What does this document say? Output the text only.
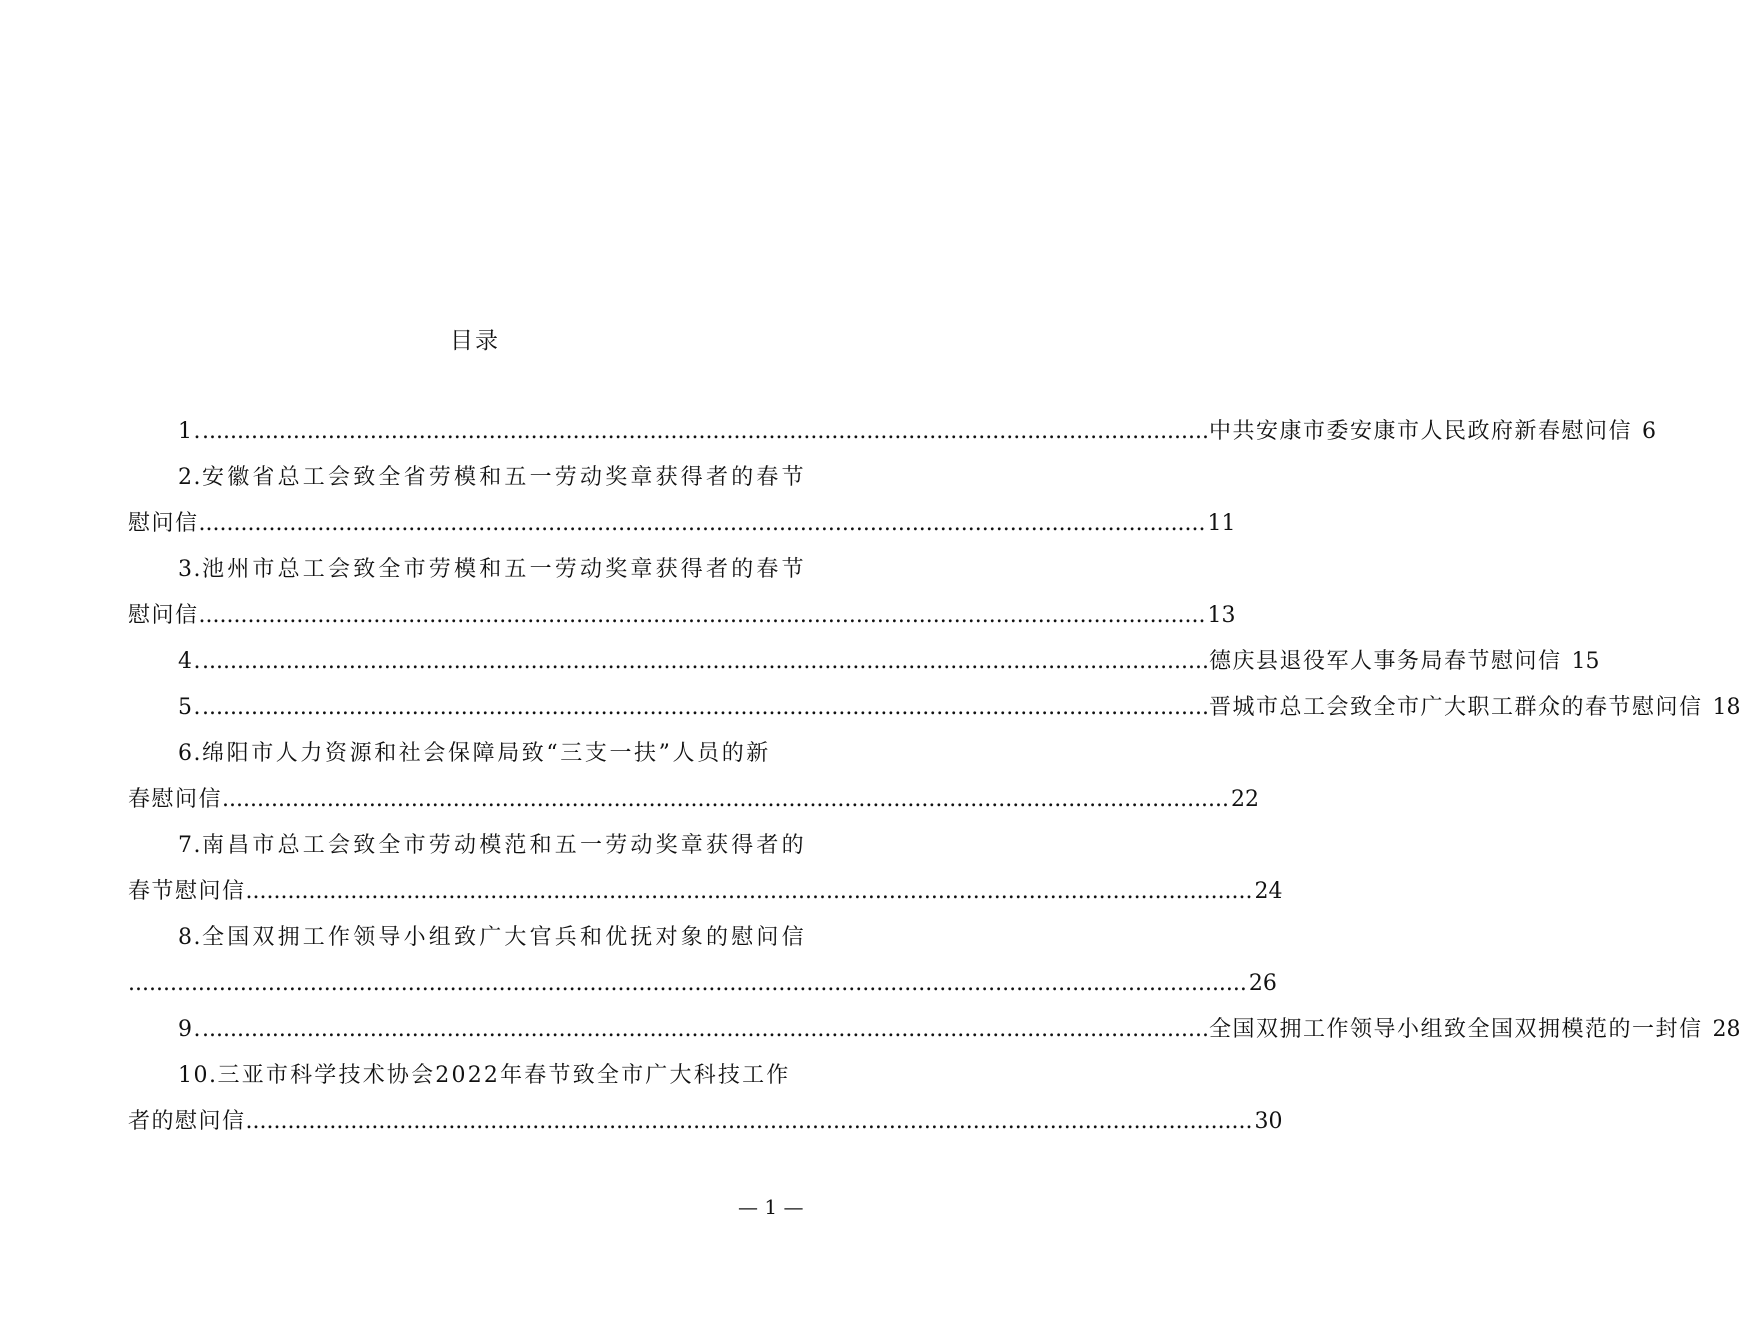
目录
1. ................................................................................................................................................ 中共安康市委安康市人民政府新春慰问信 6
2. 安徽省总工会致全省劳模和五一劳动奖章获得者的春节
慰问信 ................................................................................................................................................ 11
3. 池州市总工会致全市劳模和五一劳动奖章获得者的春节
慰问信 ................................................................................................................................................ 13
4. ................................................................................................................................................ 德庆县退役军人事务局春节慰问信 15
5. ................................................................................................................................................ 晋城市总工会致全市广大职工群众的春节慰问信 18
6. 绵阳市人力资源和社会保障局致“三支一扶”人员的新
春慰问信 ................................................................................................................................................ 22
7. 南昌市总工会致全市劳动模范和五一劳动奖章获得者的
春节慰问信 ................................................................................................................................................ 24
8. 全国双拥工作领导小组致广大官兵和优抚对象的慰问信
................................................................................................................................................................ 26
9. ................................................................................................................................................ 全国双拥工作领导小组致全国双拥模范的一封信 28
10. 三亚市科学技术协会2022年春节致全市广大科技工作
者的慰问信 ................................................................................................................................................ 30
— 1 —
